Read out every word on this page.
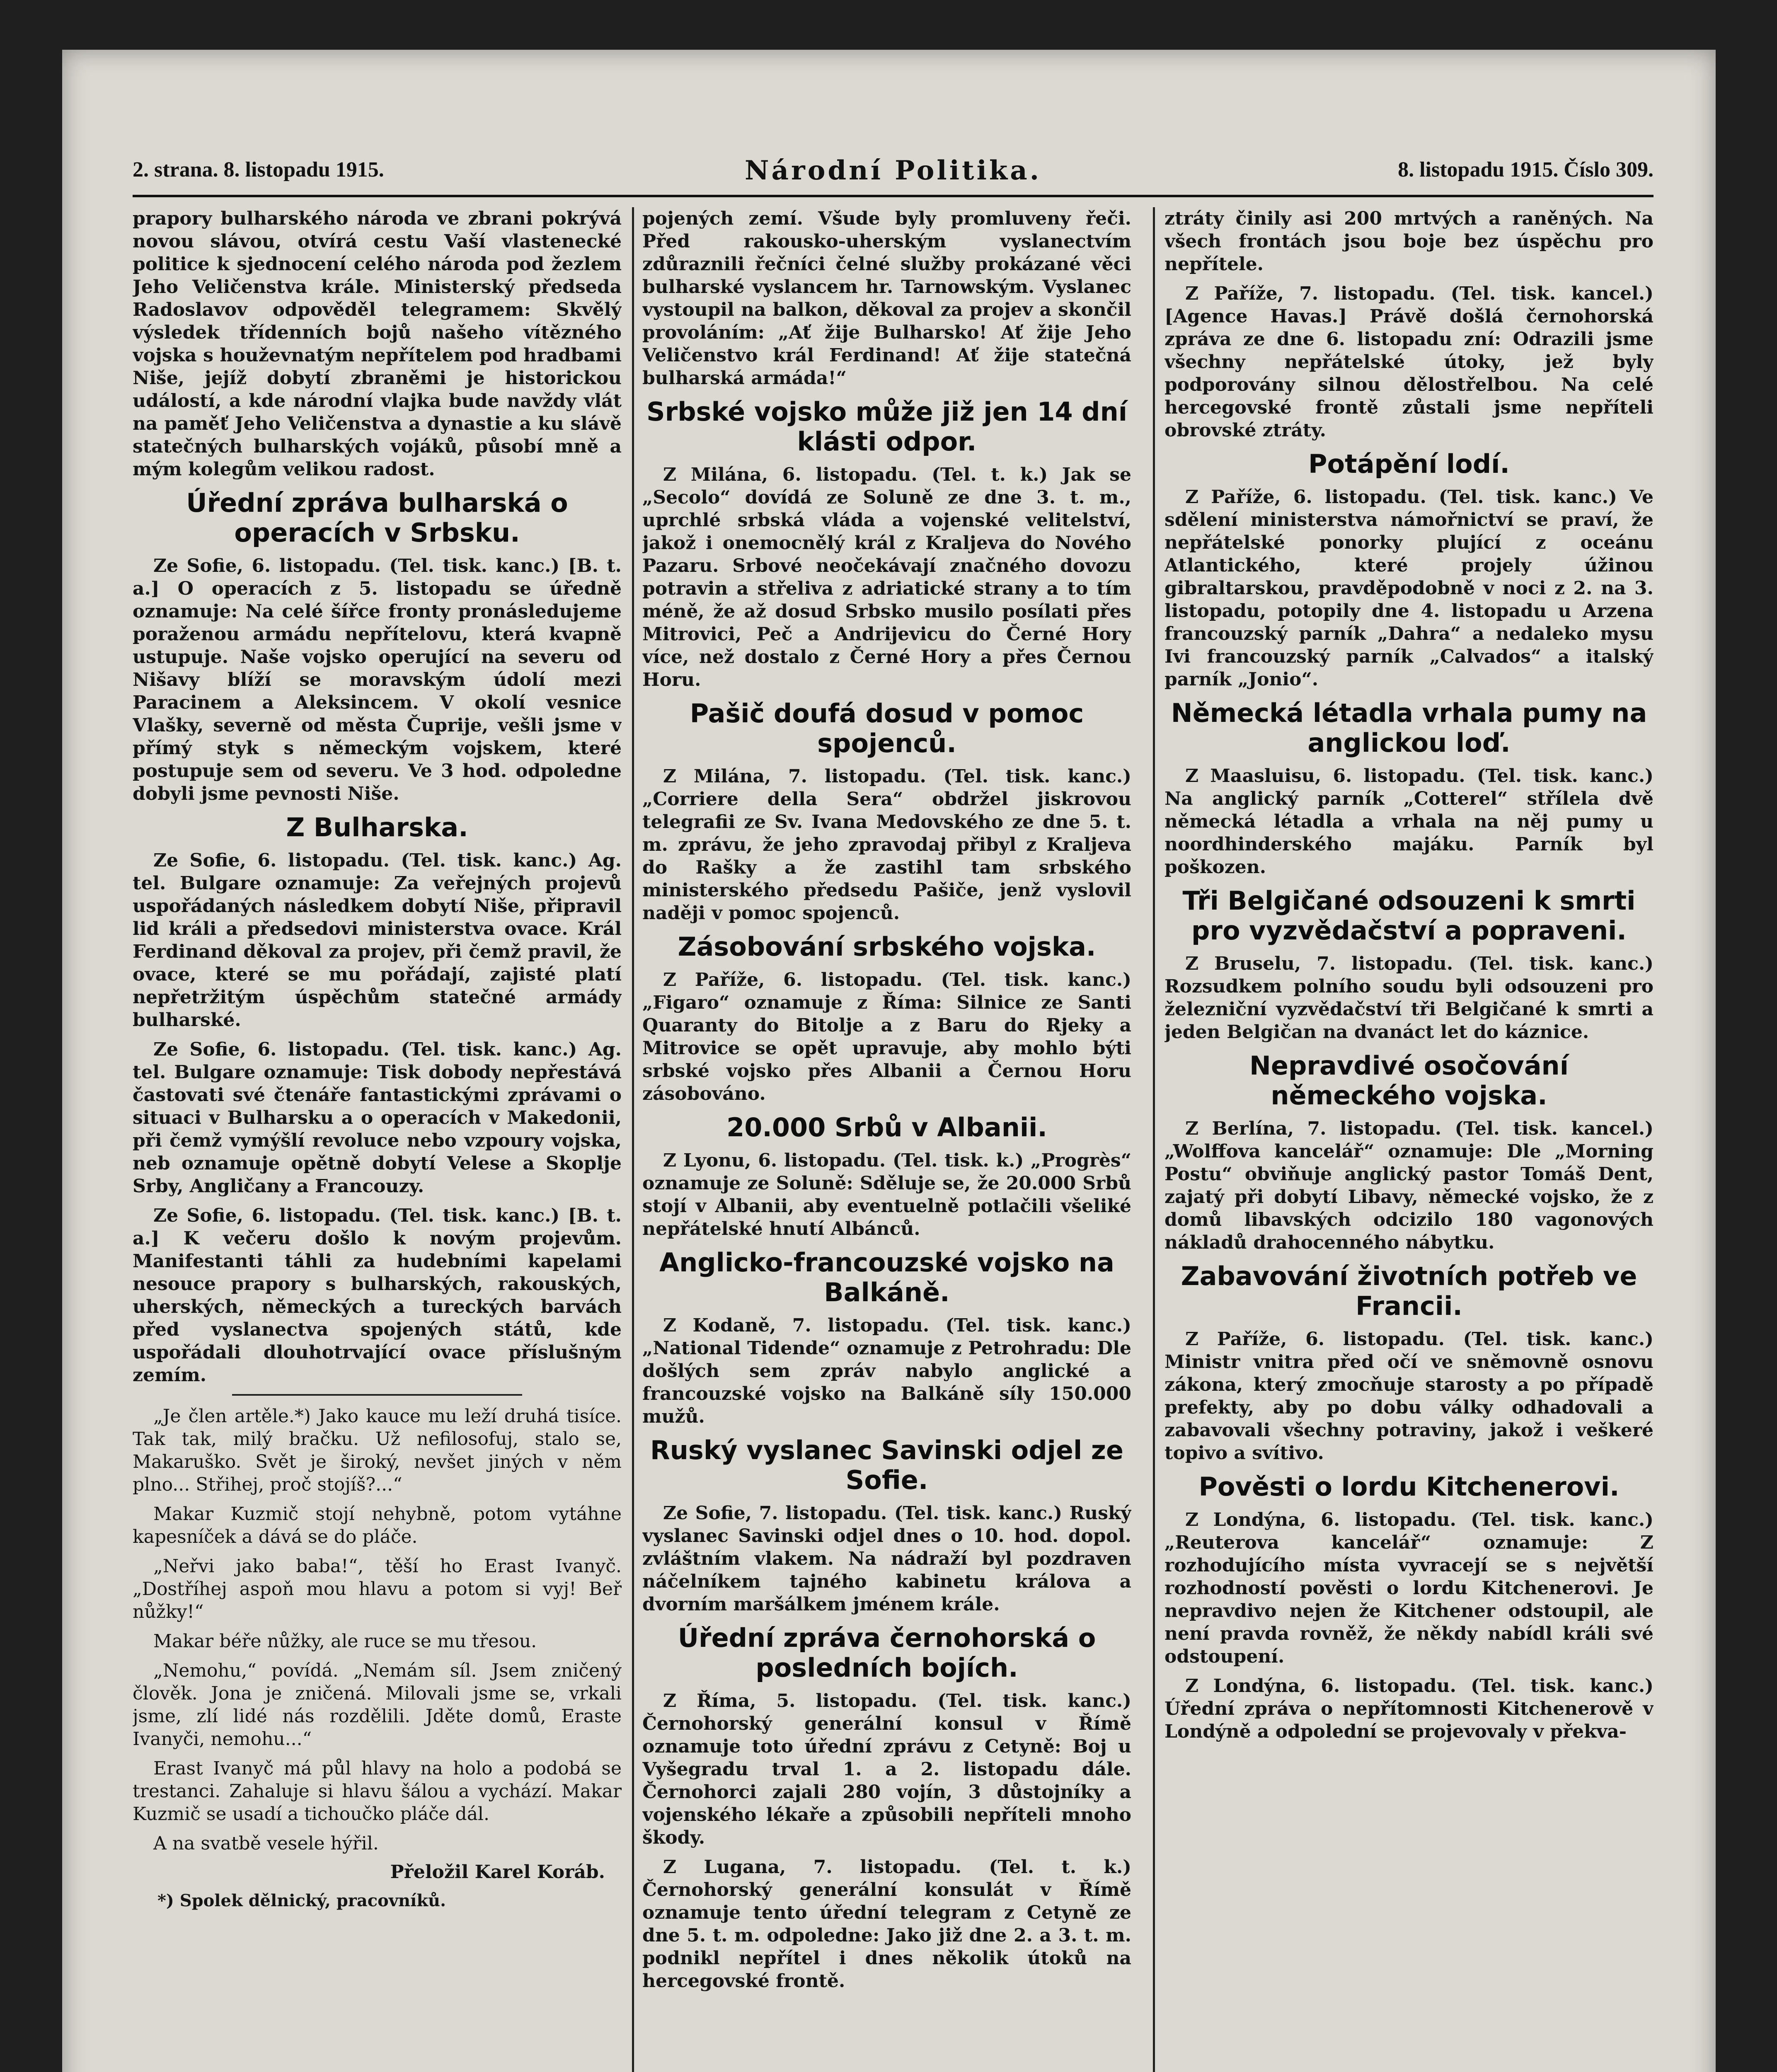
2. strana. 8. listopadu 1915.	Národní Politika.	8. listopadu 1915. Číslo 309.

prapory bulharského národa ve zbrani pokrývá novou slávou, otvírá cestu Vaší vlastenecké politice k sjednocení celého národa pod žezlem Jeho Veličenstva krále. Ministerský předseda Radoslavov odpověděl telegramem: Skvělý výsledek třídenních bojů našeho vítězného vojska s houževnatým nepřítelem pod hradbami Niše, jejíž dobytí zbraněmi je historickou událostí, a kde národní vlajka bude navždy vlát na paměť Jeho Veličenstva a dynastie a ku slávě statečných bulharských vojáků, působí mně a mým kolegům velikou radost.

Úřední zpráva bulharská o operacích v Srbsku.

Ze Sofie, 6. listopadu. (Tel. tisk. kanc.) [B. t. a.] O operacích z 5. listopadu se úředně oznamuje: Na celé šířce fronty pronásledujeme poraženou armádu nepřítelovu, která kvapně ustupuje. Naše vojsko operující na severu od Nišavy blíží se moravským údolí mezi Paracinem a Aleksincem. V okolí vesnice Vlašky, severně od města Čuprije, vešli jsme v přímý styk s německým vojskem, které postupuje sem od severu. Ve 3 hod. odpoledne dobyli jsme pevnosti Niše.

Z Bulharska.

Ze Sofie, 6. listopadu. (Tel. tisk. kanc.) Ag. tel. Bulgare oznamuje: Za veřejných projevů uspořádaných následkem dobytí Niše, připravil lid králi a předsedovi ministerstva ovace. Král Ferdinand děkoval za projev, při čemž pravil, že ovace, které se mu pořádají, zajisté platí nepřetržitým úspěchům statečné armády bulharské.

Ze Sofie, 6. listopadu. (Tel. tisk. kanc.) Ag. tel. Bulgare oznamuje: Tisk dobody nepřestává častovati své čtenáře fantastickými zprávami o situaci v Bulharsku a o operacích v Makedonii, při čemž vymýšlí revoluce nebo vzpoury vojska, neb oznamuje opětně dobytí Velese a Skoplje Srby, Angličany a Francouzy.

Ze Sofie, 6. listopadu. (Tel. tisk. kanc.) [B. t. a.] K večeru došlo k novým projevům. Manifestanti táhli za hudebními kapelami nesouce prapory s bulharských, rakouských, uherských, německých a tureckých barvách před vyslanectva spojených států, kde uspořádali dlouhotrvající ovace příslušným zemím.

„Je člen artěle.*) Jako kauce mu leží druhá tisíce. Tak tak, milý bračku. Už nefilosofuj, stalo se, Makaruško. Svět je široký, nevšet jiných v něm plno... Střihej, proč stojíš?...“

Makar Kuzmič stojí nehybně, potom vytáhne kapesníček a dává se do pláče.

„Neřvi jako baba!“, těší ho Erast Ivanyč. „Dostříhej aspoň mou hlavu a potom si vyj! Beř nůžky!“

Makar béře nůžky, ale ruce se mu třesou.

„Nemohu,“ povídá. „Nemám síl. Jsem zničený člověk. Jona je zničená. Milovali jsme se, vrkali jsme, zlí lidé nás rozdělili. Jděte domů, Eraste Ivanyči, nemohu...“

Erast Ivanyč má půl hlavy na holo a podobá se trestanci. Zahaluje si hlavu šálou a vychází. Makar Kuzmič se usadí a tichoučko pláče dál.

A na svatbě vesele hýřil.

Přeložil Karel Koráb.
*) Spolek dělnický, pracovníků.

pojených zemí. Všude byly promluveny řeči. Před rakousko-uherským vyslanectvím zdůraznili řečníci čelné služby prokázané věci bulharské vyslancem hr. Tarnowským. Vyslanec vystoupil na balkon, děkoval za projev a skončil provoláním: „Ať žije Bulharsko! Ať žije Jeho Veličenstvo král Ferdinand! Ať žije statečná bulharská armáda!“

Srbské vojsko může již jen 14 dní klásti odpor.

Z Milána, 6. listopadu. (Tel. t. k.) Jak se „Secolo“ dovídá ze Soluně ze dne 3. t. m., uprchlé srbská vláda a vojenské velitelství, jakož i onemocnělý král z Kraljeva do Nového Pazaru. Srbové neočekávají značného dovozu potravin a střeliva z adriatické strany a to tím méně, že až dosud Srbsko musilo posílati přes Mitrovici, Peč a Andrijevicu do Černé Hory více, než dostalo z Černé Hory a přes Černou Horu.

Pašič doufá dosud v pomoc spojenců.

Z Milána, 7. listopadu. (Tel. tisk. kanc.) „Corriere della Sera“ obdržel jiskrovou telegrafii ze Sv. Ivana Medovského ze dne 5. t. m. zprávu, že jeho zpravodaj přibyl z Kraljeva do Rašky a že zastihl tam srbského ministerského předsedu Pašiče, jenž vyslovil naději v pomoc spojenců.

Zásobování srbského vojska.

Z Paříže, 6. listopadu. (Tel. tisk. kanc.) „Figaro“ oznamuje z Říma: Silnice ze Santi Quaranty do Bitolje a z Baru do Rjeky a Mitrovice se opět upravuje, aby mohlo býti srbské vojsko přes Albanii a Černou Horu zásobováno.

20.000 Srbů v Albanii.

Z Lyonu, 6. listopadu. (Tel. tisk. k.) „Progrès“ oznamuje ze Soluně: Sděluje se, že 20.000 Srbů stojí v Albanii, aby eventuelně potlačili všeliké nepřátelské hnutí Albánců.

Anglicko-francouzské vojsko na Balkáně.

Z Kodaně, 7. listopadu. (Tel. tisk. kanc.) „National Tidende“ oznamuje z Petrohradu: Dle došlých sem zpráv nabylo anglické a francouzské vojsko na Balkáně síly 150.000 mužů.

Ruský vyslanec Savinski odjel ze Sofie.

Ze Sofie, 7. listopadu. (Tel. tisk. kanc.) Ruský vyslanec Savinski odjel dnes o 10. hod. dopol. zvláštním vlakem. Na nádraží byl pozdraven náčelníkem tajného kabinetu králova a dvorním maršálkem jménem krále.

Úřední zpráva černohorská o posledních bojích.

Z Říma, 5. listopadu. (Tel. tisk. kanc.) Černohorský generální konsul v Římě oznamuje toto úřední zprávu z Cetyně: Boj u Vyšegradu trval 1. a 2. listopadu dále. Černohorci zajali 280 vojín, 3 důstojníky a vojenského lékaře a způsobili nepříteli mnoho škody.

Z Lugana, 7. listopadu. (Tel. t. k.) Černohorský generální konsulát v Římě oznamuje tento úřední telegram z Cetyně ze dne 5. t. m. odpoledne: Jako již dne 2. a 3. t. m. podnikl nepřítel i dnes několik útoků na hercegovské frontě.

ztráty činily asi 200 mrtvých a raněných. Na všech frontách jsou boje bez úspěchu pro nepřítele.

Z Paříže, 7. listopadu. (Tel. tisk. kancel.) [Agence Havas.] Právě došlá černohorská zpráva ze dne 6. listopadu zní: Odrazili jsme všechny nepřátelské útoky, jež byly podporovány silnou dělostřelbou. Na celé hercegovské frontě zůstali jsme nepříteli obrovské ztráty.

Potápění lodí.

Z Paříže, 6. listopadu. (Tel. tisk. kanc.) Ve sdělení ministerstva námořnictví se praví, že nepřátelské ponorky plující z oceánu Atlantického, které projely úžinou gibraltarskou, pravděpodobně v noci z 2. na 3. listopadu, potopily dne 4. listopadu u Arzena francouzský parník „Dahra“ a nedaleko mysu Ivi francouzský parník „Calvados“ a italský parník „Jonio“.

Německá létadla vrhala pumy na anglickou loď.

Z Maasluisu, 6. listopadu. (Tel. tisk. kanc.) Na anglický parník „Cotterel“ střílela dvě německá létadla a vrhala na něj pumy u noordhinderského majáku. Parník byl poškozen.

Tři Belgičané odsouzeni k smrti pro vyzvědačství a popraveni.

Z Bruselu, 7. listopadu. (Tel. tisk. kanc.) Rozsudkem polního soudu byli odsouzeni pro železniční vyzvědačství tři Belgičané k smrti a jeden Belgičan na dvanáct let do káznice.

Nepravdivé osočování německého vojska.

Z Berlína, 7. listopadu. (Tel. tisk. kancel.) „Wolffova kancelář“ oznamuje: Dle „Morning Postu“ obviňuje anglický pastor Tomáš Dent, zajatý při dobytí Libavy, německé vojsko, že z domů libavských odcizilo 180 vagonových nákladů drahocenného nábytku.

Zabavování životních potřeb ve Francii.

Z Paříže, 6. listopadu. (Tel. tisk. kanc.) Ministr vnitra před očí ve sněmovně osnovu zákona, který zmocňuje starosty a po případě prefekty, aby po dobu války odhadovali a zabavovali všechny potraviny, jakož i veškeré topivo a svítivo.

Pověsti o lordu Kitchenerovi.

Z Londýna, 6. listopadu. (Tel. tisk. kanc.) „Reuterova kancelář“ oznamuje: Z rozhodujícího místa vyvracejí se s největší rozhodností pověsti o lordu Kitchenerovi. Je nepravdivo nejen že Kitchener odstoupil, ale není pravda rovněž, že někdy nabídl králi své odstoupení.

Z Londýna, 6. listopadu. (Tel. tisk. kanc.) Úřední zpráva o nepřítomnosti Kitchenerově v Londýně a odpolední se projevovaly v překva-
